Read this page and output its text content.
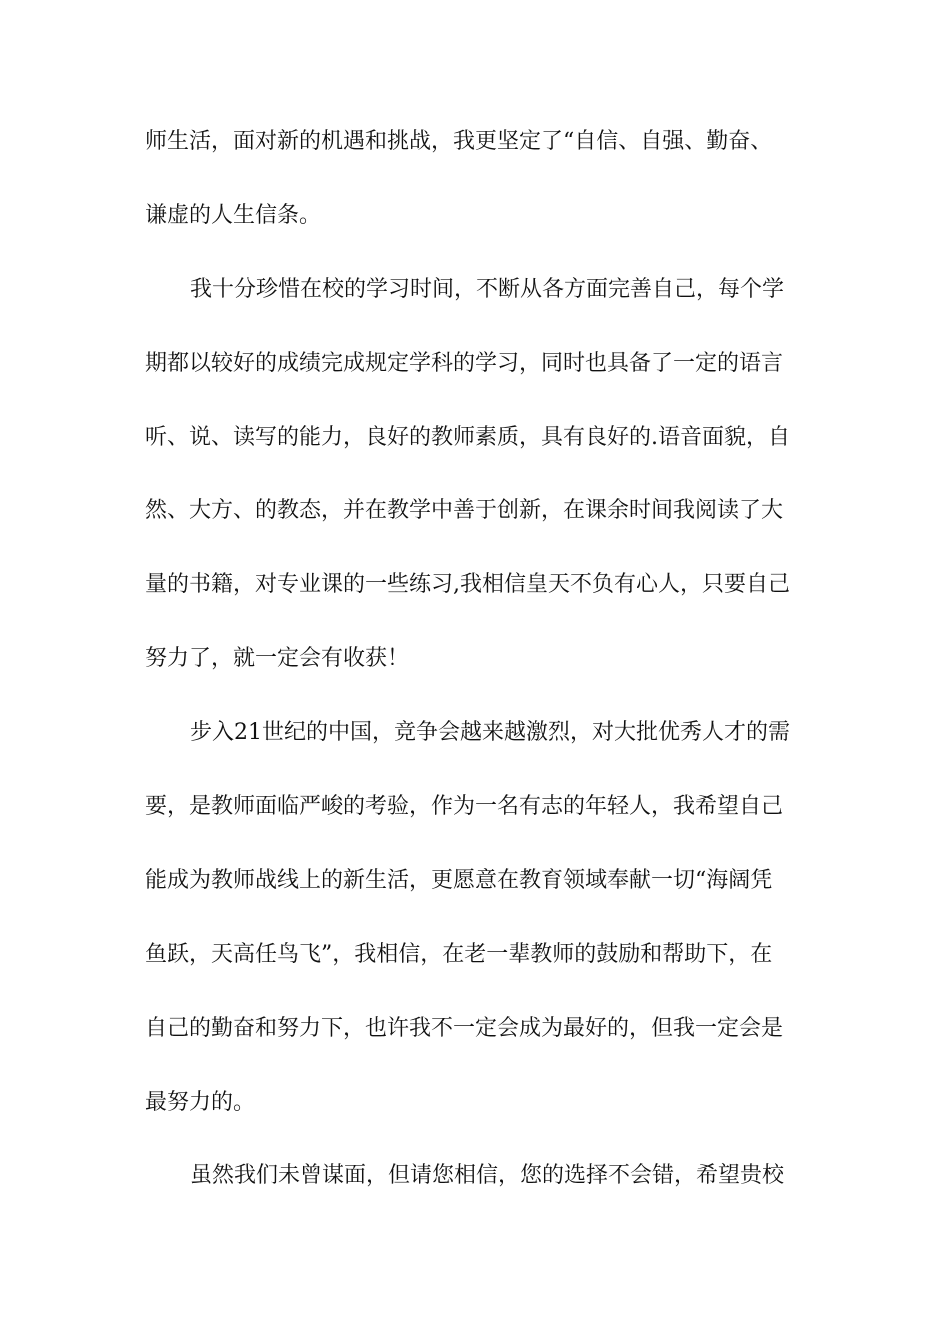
师生活，面对新的机遇和挑战，我更坚定了“自信、自强、勤奋、
谦虚的人生信条。
我十分珍惜在校的学习时间，不断从各方面完善自己，每个学
期都以较好的成绩完成规定学科的学习，同时也具备了一定的语言
听、说、读写的能力，良好的教师素质，具有良好的.语音面貌，自
然、大方、的教态，并在教学中善于创新，在课余时间我阅读了大
量的书籍，对专业课的一些练习,我相信皇天不负有心人，只要自己
努力了，就一定会有收获！
步入21世纪的中国，竞争会越来越激烈，对大批优秀人才的需
要，是教师面临严峻的考验，作为一名有志的年轻人，我希望自己
能成为教师战线上的新生活，更愿意在教育领域奉献一切“海阔凭
鱼跃，天高任鸟飞”，我相信，在老一辈教师的鼓励和帮助下，在
自己的勤奋和努力下，也许我不一定会成为最好的，但我一定会是
最努力的。
虽然我们未曾谋面，但请您相信，您的选择不会错，希望贵校
